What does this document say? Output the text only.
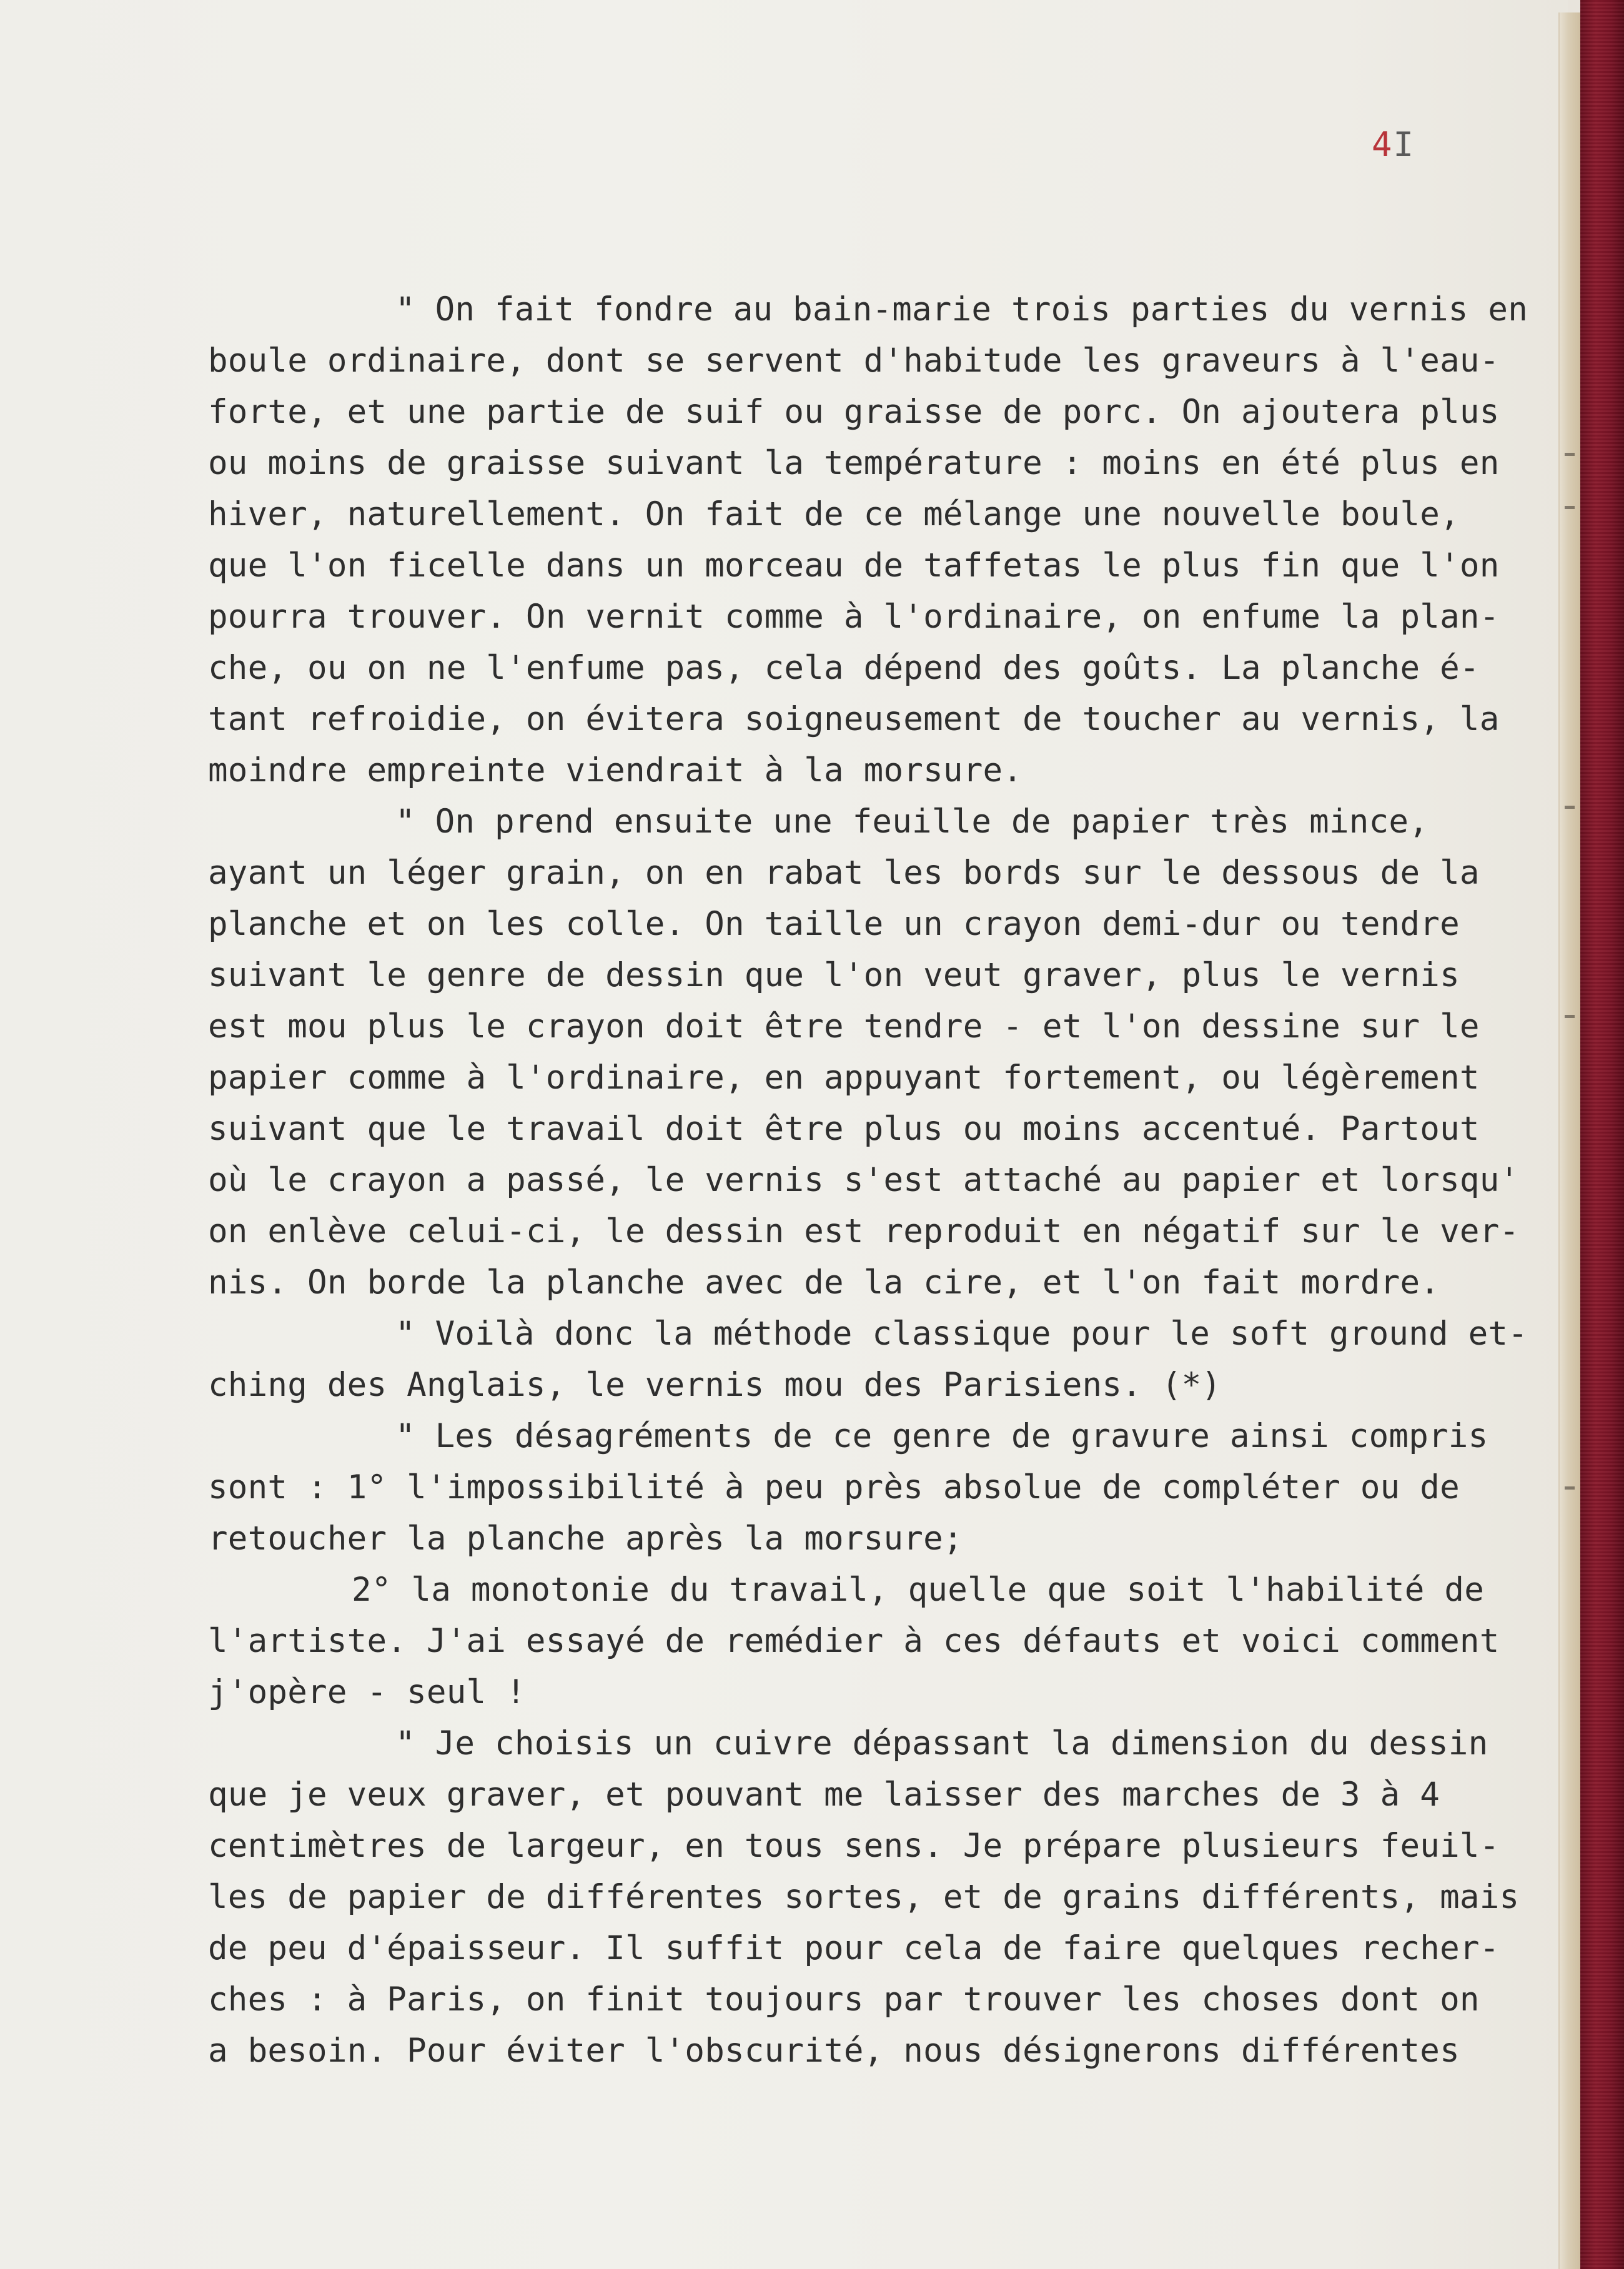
4I
" On fait fondre au bain-marie trois parties du vernis en
boule ordinaire, dont se servent d'habitude les graveurs à l'eau-
forte, et une partie de suif ou graisse de porc. On ajoutera plus
ou moins de graisse suivant la température : moins en été plus en
hiver, naturellement. On fait de ce mélange une nouvelle boule,
que l'on ficelle dans un morceau de taffetas le plus fin que l'on
pourra trouver. On vernit comme à l'ordinaire, on enfume la plan-
che, ou on ne l'enfume pas, cela dépend des goûts. La planche é-
tant refroidie, on évitera soigneusement de toucher au vernis, la
moindre empreinte viendrait à la morsure.
" On prend ensuite une feuille de papier très mince,
ayant un léger grain, on en rabat les bords sur le dessous de la
planche et on les colle. On taille un crayon demi-dur ou tendre
suivant le genre de dessin que l'on veut graver, plus le vernis
est mou plus le crayon doit être tendre - et l'on dessine sur le
papier comme à l'ordinaire, en appuyant fortement, ou légèrement
suivant que le travail doit être plus ou moins accentué. Partout
où le crayon a passé, le vernis s'est attaché au papier et lorsqu'
on enlève celui-ci, le dessin est reproduit en négatif sur le ver-
nis. On borde la planche avec de la cire, et l'on fait mordre.
" Voilà donc la méthode classique pour le soft ground et-
ching des Anglais, le vernis mou des Parisiens. (*)
" Les désagréments de ce genre de gravure ainsi compris
sont : 1° l'impossibilité à peu près absolue de compléter ou de
retoucher la planche après la morsure;
2° la monotonie du travail, quelle que soit l'habilité de
l'artiste. J'ai essayé de remédier à ces défauts et voici comment
j'opère - seul !
" Je choisis un cuivre dépassant la dimension du dessin
que je veux graver, et pouvant me laisser des marches de 3 à 4
centimètres de largeur, en tous sens. Je prépare plusieurs feuil-
les de papier de différentes sortes, et de grains différents, mais
de peu d'épaisseur. Il suffit pour cela de faire quelques recher-
ches : à Paris, on finit toujours par trouver les choses dont on
a besoin. Pour éviter l'obscurité, nous désignerons différentes
